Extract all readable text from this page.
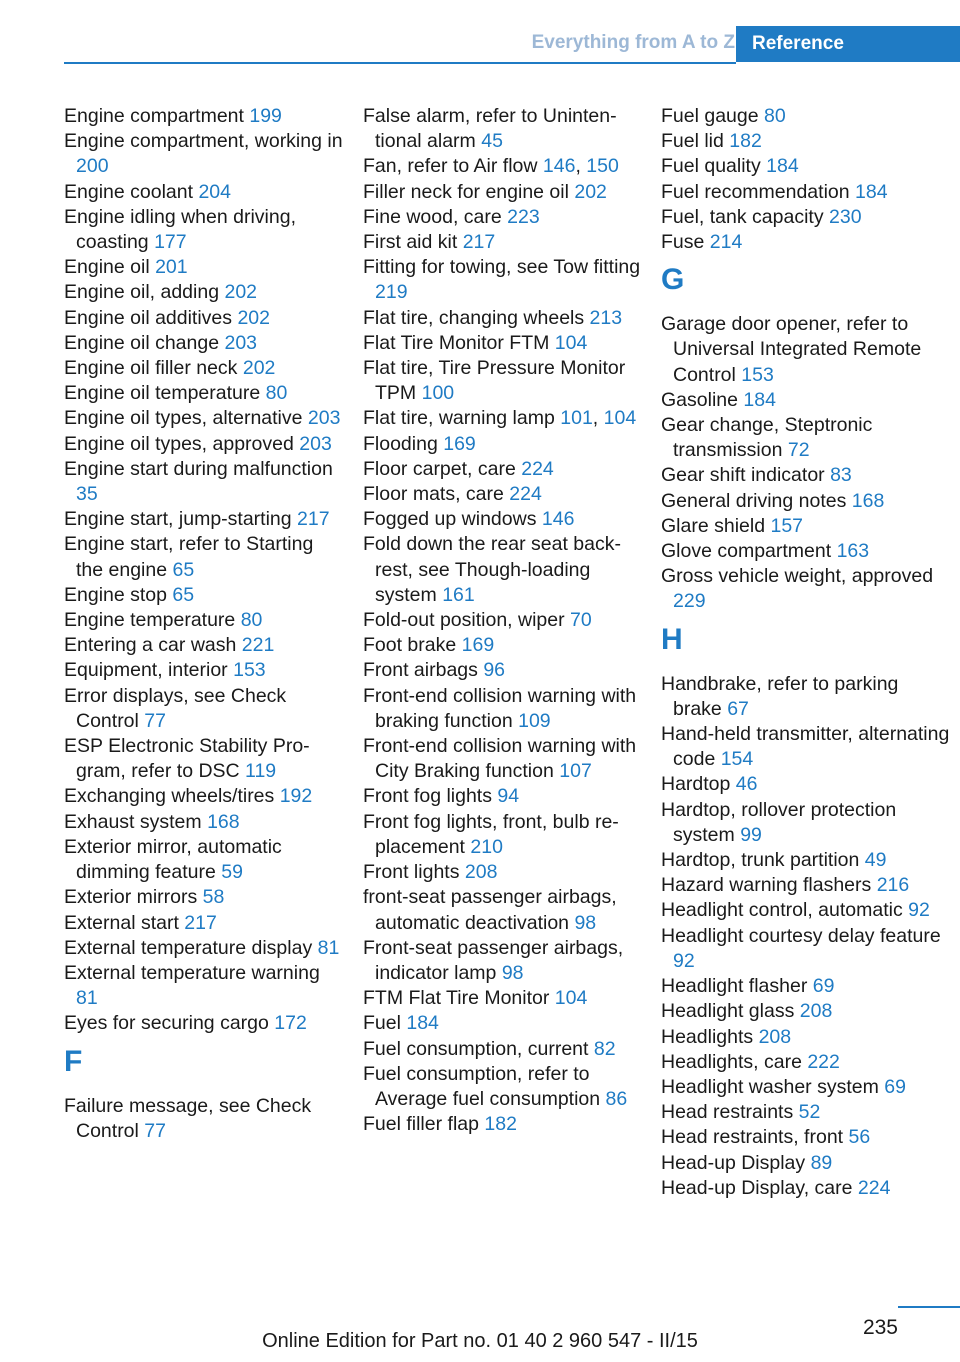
Everything from A to Z Reference
Engine compartment 199
Engine compartment, working in 200
Engine coolant 204
Engine idling when driving, coasting 177
Engine oil 201
Engine oil, adding 202
Engine oil additives 202
Engine oil change 203
Engine oil filler neck 202
Engine oil temperature 80
Engine oil types, alternative 203
Engine oil types, approved 203
Engine start during malfunction 35
Engine start, jump-starting 217
Engine start, refer to Starting the engine 65
Engine stop 65
Engine temperature 80
Entering a car wash 221
Equipment, interior 153
Error displays, see Check Control 77
ESP Electronic Stability Program, refer to DSC 119
Exchanging wheels/tires 192
Exhaust system 168
Exterior mirror, automatic dimming feature 59
Exterior mirrors 58
External start 217
External temperature display 81
External temperature warning 81
Eyes for securing cargo 172
F
Failure message, see Check Control 77
False alarm, refer to Unintentional alarm 45
Fan, refer to Air flow 146, 150
Filler neck for engine oil 202
Fine wood, care 223
First aid kit 217
Fitting for towing, see Tow fitting 219
Flat tire, changing wheels 213
Flat Tire Monitor FTM 104
Flat tire, Tire Pressure Monitor TPM 100
Flat tire, warning lamp 101, 104
Flooding 169
Floor carpet, care 224
Floor mats, care 224
Fogged up windows 146
Fold down the rear seat backrest, see Though-loading system 161
Fold-out position, wiper 70
Foot brake 169
Front airbags 96
Front-end collision warning with braking function 109
Front-end collision warning with City Braking function 107
Front fog lights 94
Front fog lights, front, bulb replacement 210
Front lights 208
front-seat passenger airbags, automatic deactivation 98
Front-seat passenger airbags, indicator lamp 98
FTM Flat Tire Monitor 104
Fuel 184
Fuel consumption, current 82
Fuel consumption, refer to Average fuel consumption 86
Fuel filler flap 182
Fuel gauge 80
Fuel lid 182
Fuel quality 184
Fuel recommendation 184
Fuel, tank capacity 230
Fuse 214
G
Garage door opener, refer to Universal Integrated Remote Control 153
Gasoline 184
Gear change, Steptronic transmission 72
Gear shift indicator 83
General driving notes 168
Glare shield 157
Glove compartment 163
Gross vehicle weight, approved 229
H
Handbrake, refer to parking brake 67
Hand-held transmitter, alternating code 154
Hardtop 46
Hardtop, rollover protection system 99
Hardtop, trunk partition 49
Hazard warning flashers 216
Headlight control, automatic 92
Headlight courtesy delay feature 92
Headlight flasher 69
Headlight glass 208
Headlights 208
Headlights, care 222
Headlight washer system 69
Head restraints 52
Head restraints, front 56
Head-up Display 89
Head-up Display, care 224
235
Online Edition for Part no. 01 40 2 960 547 - II/15
